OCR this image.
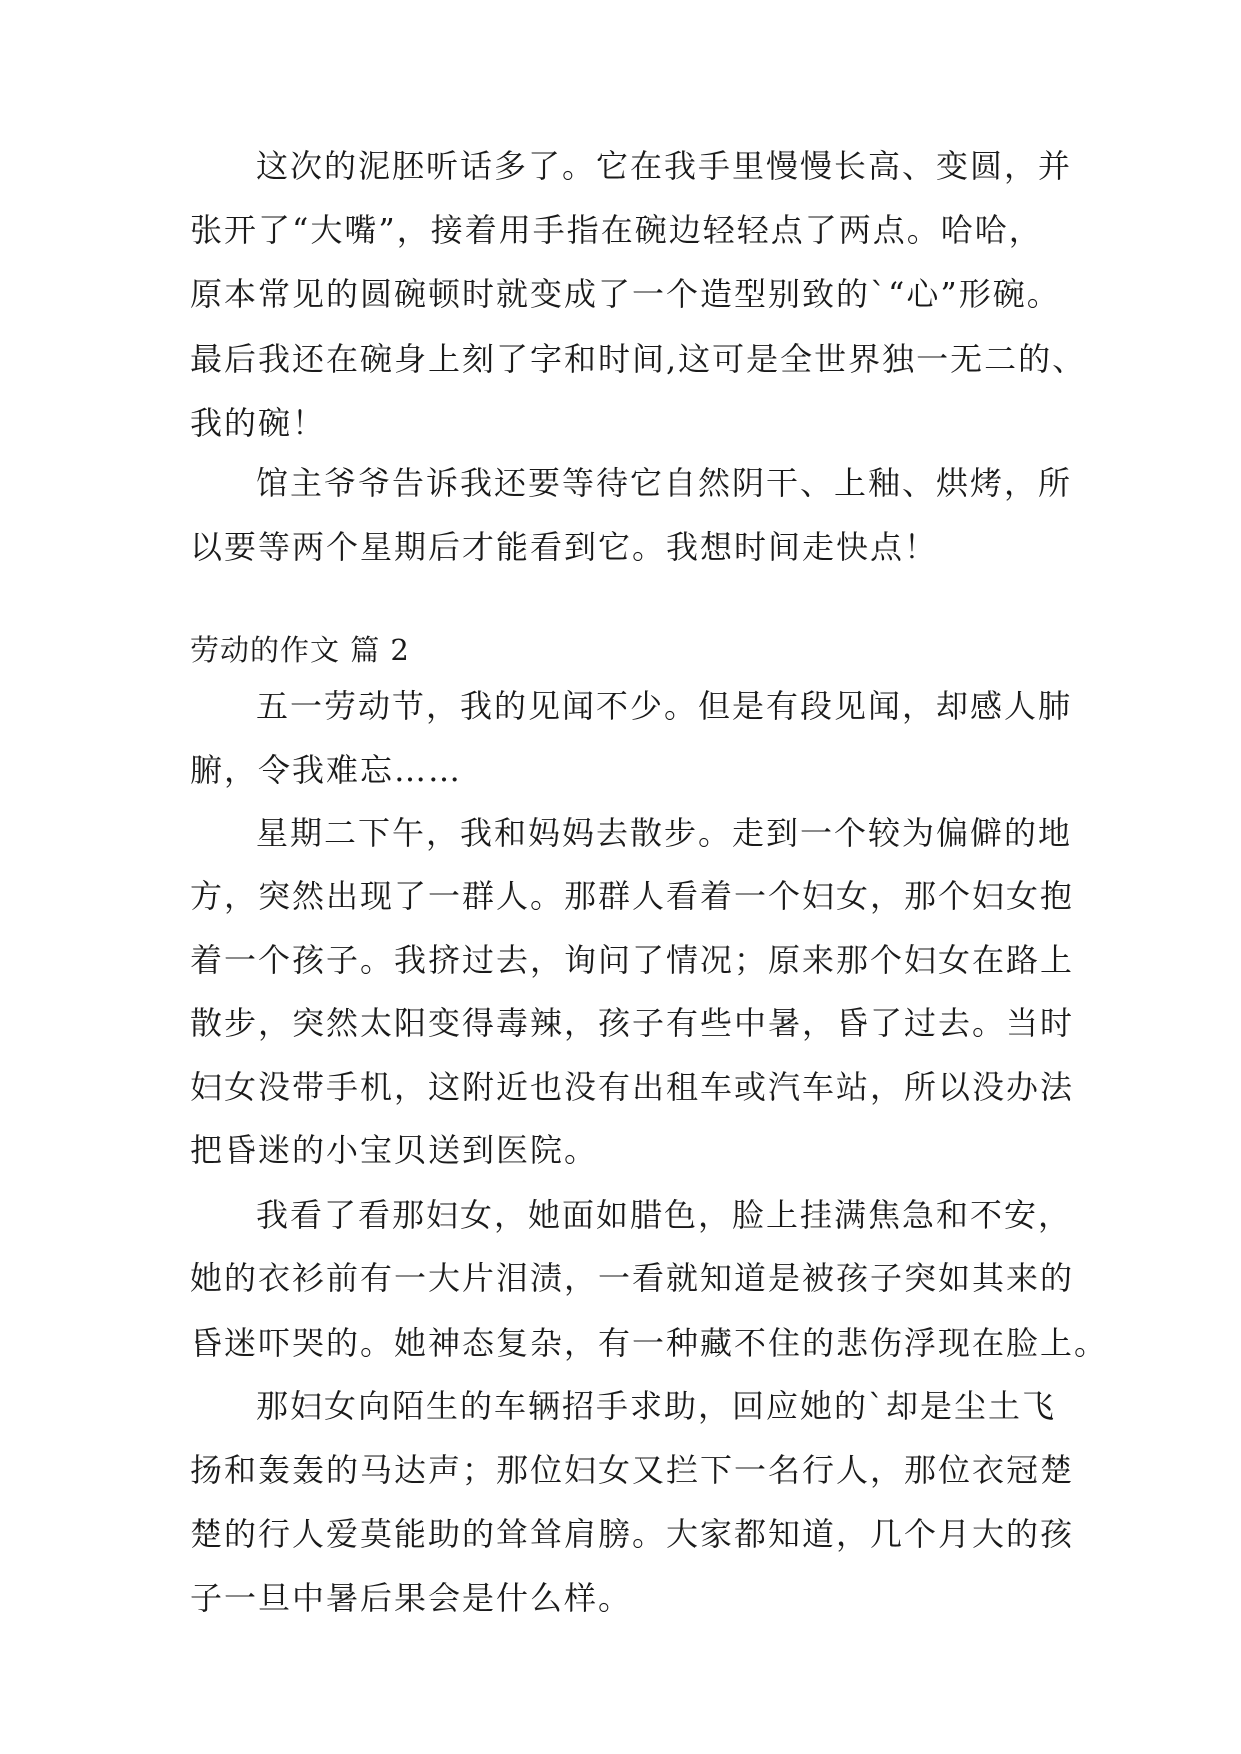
这次的泥胚听话多了。它在我手里慢慢长高、变圆，并
张开了“大嘴”，接着用手指在碗边轻轻点了两点。哈哈，
原本常见的圆碗顿时就变成了一个造型别致的`“心”形碗。
最后我还在碗身上刻了字和时间,这可是全世界独一无二的、
我的碗！
馆主爷爷告诉我还要等待它自然阴干、上釉、烘烤，所
以要等两个星期后才能看到它。我想时间走快点！
劳动的作文 篇 2
五一劳动节，我的见闻不少。但是有段见闻，却感人肺
腑，令我难忘……
星期二下午，我和妈妈去散步。走到一个较为偏僻的地
方，突然出现了一群人。那群人看着一个妇女，那个妇女抱
着一个孩子。我挤过去，询问了情况；原来那个妇女在路上
散步，突然太阳变得毒辣，孩子有些中暑，昏了过去。当时
妇女没带手机，这附近也没有出租车或汽车站，所以没办法
把昏迷的小宝贝送到医院。
我看了看那妇女，她面如腊色，脸上挂满焦急和不安，
她的衣衫前有一大片泪渍，一看就知道是被孩子突如其来的
昏迷吓哭的。她神态复杂，有一种藏不住的悲伤浮现在脸上。
那妇女向陌生的车辆招手求助，回应她的`却是尘土飞
扬和轰轰的马达声；那位妇女又拦下一名行人，那位衣冠楚
楚的行人爱莫能助的耸耸肩膀。大家都知道，几个月大的孩
子一旦中暑后果会是什么样。
